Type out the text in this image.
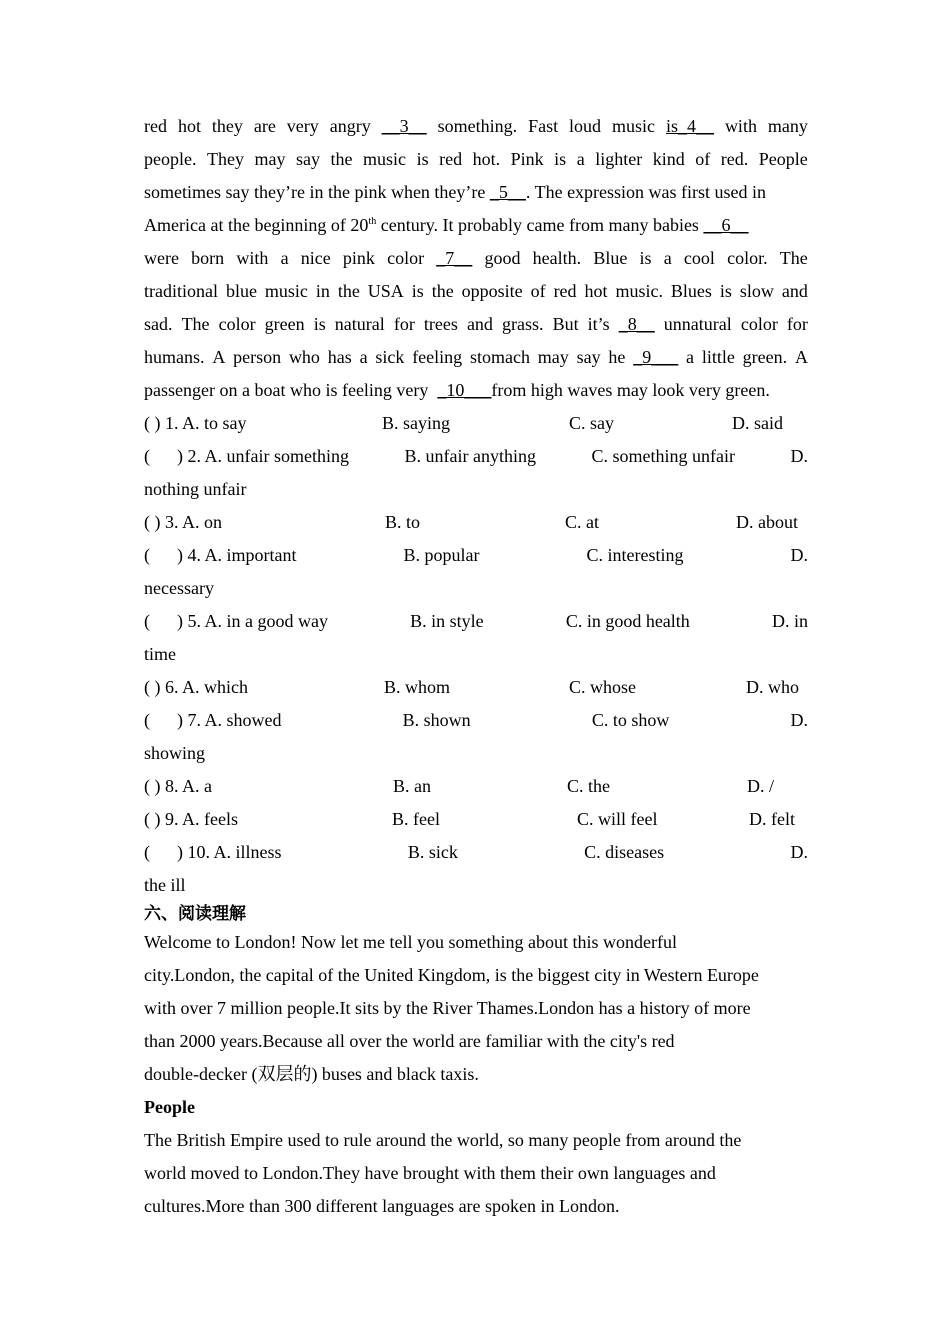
red hot they are very angry __3__ something. Fast loud music is_4__ with many
people. They may say the music is red hot. Pink is a lighter kind of red. People
sometimes say they’re in the pink when they’re _5__. The expression was first used in
America at the beginning of 20th century. It probably came from many babies __6__
were born with a nice pink color _7__ good health. Blue is a cool color. The
traditional blue music in the USA is the opposite of red hot music. Blues is slow and
sad. The color green is natural for trees and grass. But it’s _8__ unnatural color for
humans. A person who has a sick feeling stomach may say he _9___ a little green. A
passenger on a boat who is feeling very  _10___from high waves may look very green.
( ) 1. A. to say	B. saying	C. say	D. said
(      ) 2. A. unfair something	B. unfair anything	C. something unfair	D.
nothing unfair
( ) 3. A. on	B. to	C. at	D. about
(      ) 4. A. important	B. popular	C. interesting	D.
necessary
(      ) 5. A. in a good way	B. in style	C. in good health	D. in
time
( ) 6. A. which	B. whom	C. whose	D. who
(      ) 7. A. showed	B. shown	C. to show	D.
showing
( ) 8. A. a	B. an	C. the	D. /
( ) 9. A. feels	B. feel	C. will feel	D. felt
(      ) 10. A. illness	B. sick	C. diseases	D.
the ill
六、阅读理解
Welcome to London! Now let me tell you something about this wonderful
city.London, the capital of the United Kingdom, is the biggest city in Western Europe
with over 7 million people.It sits by the River Thames.London has a history of more
than 2000 years.Because all over the world are familiar with the city's red
double-decker (双层的) buses and black taxis.
People
The British Empire used to rule around the world, so many people from around the
world moved to London.They have brought with them their own languages and
cultures.More than 300 different languages are spoken in London.
